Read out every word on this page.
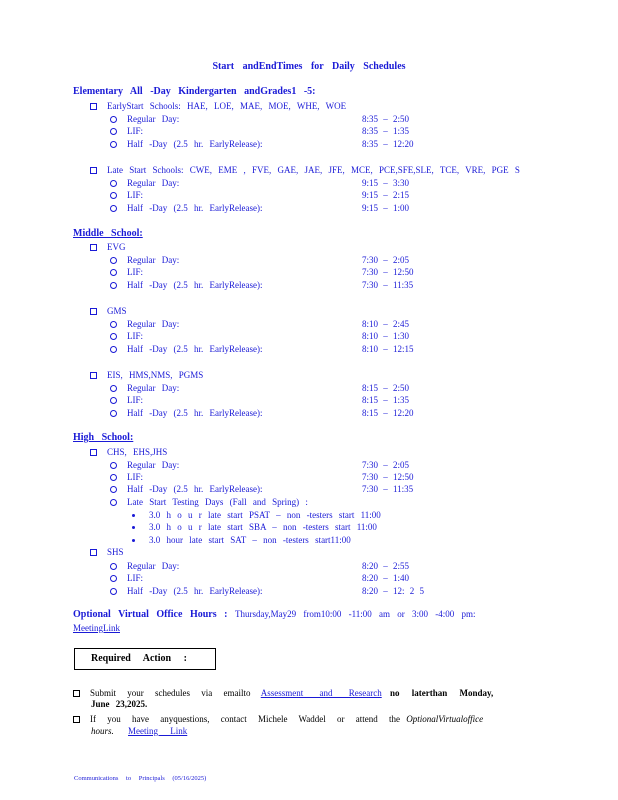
Start andEndTimes for Daily Schedules
Elementary All -Day Kindergarten andGrades1 -5:
EarlyStart Schools: HAE, LOE, MAE, MOE, WHE, WOE
Regular Day:	8:35 – 2:50
LIF:	8:35 – 1:35
Half -Day (2.5 hr. EarlyRelease):	8:35 – 12:20
Late Start Schools: CWE, EME , FVE, GAE, JAE, JFE, MCE, PCE,SFE,SLE, TCE, VRE, PGE S
Regular Day:	9:15 – 3:30
LIF:	9:15 – 2:15
Half -Day (2.5 hr. EarlyRelease):	9:15 – 1:00
Middle School:
EVG
Regular Day:	7:30 – 2:05
LIF:	7:30 – 12:50
Half -Day (2.5 hr. EarlyRelease):	7:30 – 11:35
GMS
Regular Day:	8:10 – 2:45
LIF:	8:10 – 1:30
Half -Day (2.5 hr. EarlyRelease):	8:10 – 12:15
EIS, HMS,NMS, PGMS
Regular Day:	8:15 – 2:50
LIF:	8:15 – 1:35
Half -Day (2.5 hr. EarlyRelease):	8:15 – 12:20
High School:
CHS, EHS,JHS
Regular Day:	7:30 – 2:05
LIF:	7:30 – 12:50
Half -Day (2.5 hr. EarlyRelease):	7:30 – 11:35
Late Start Testing Days (Fall and Spring) :
3.0 h o u r late start PSAT – non -testers start 11:00
3.0 h o u r late start SBA – non -testers start 11:00
3.0 hour late start SAT – non -testers start11:00
SHS
Regular Day:	8:20 – 2:55
LIF:	8:20 – 1:40
Half -Day (2.5 hr. EarlyRelease):	8:20 – 12: 2 5
Optional Virtual Office Hours : Thursday,May29 from10:00 -11:00 am or 3:00 -4:00 pm:
MeetingLink
Required Action :
Submit your schedules via emailto Assessment and Research no laterthan Monday,
June 23,2025.
If you have anyquestions, contact Michele Waddel or attend the OptionalVirtualoffice
hours. Meeting Link
Communications to Principals (05/16/2025)
